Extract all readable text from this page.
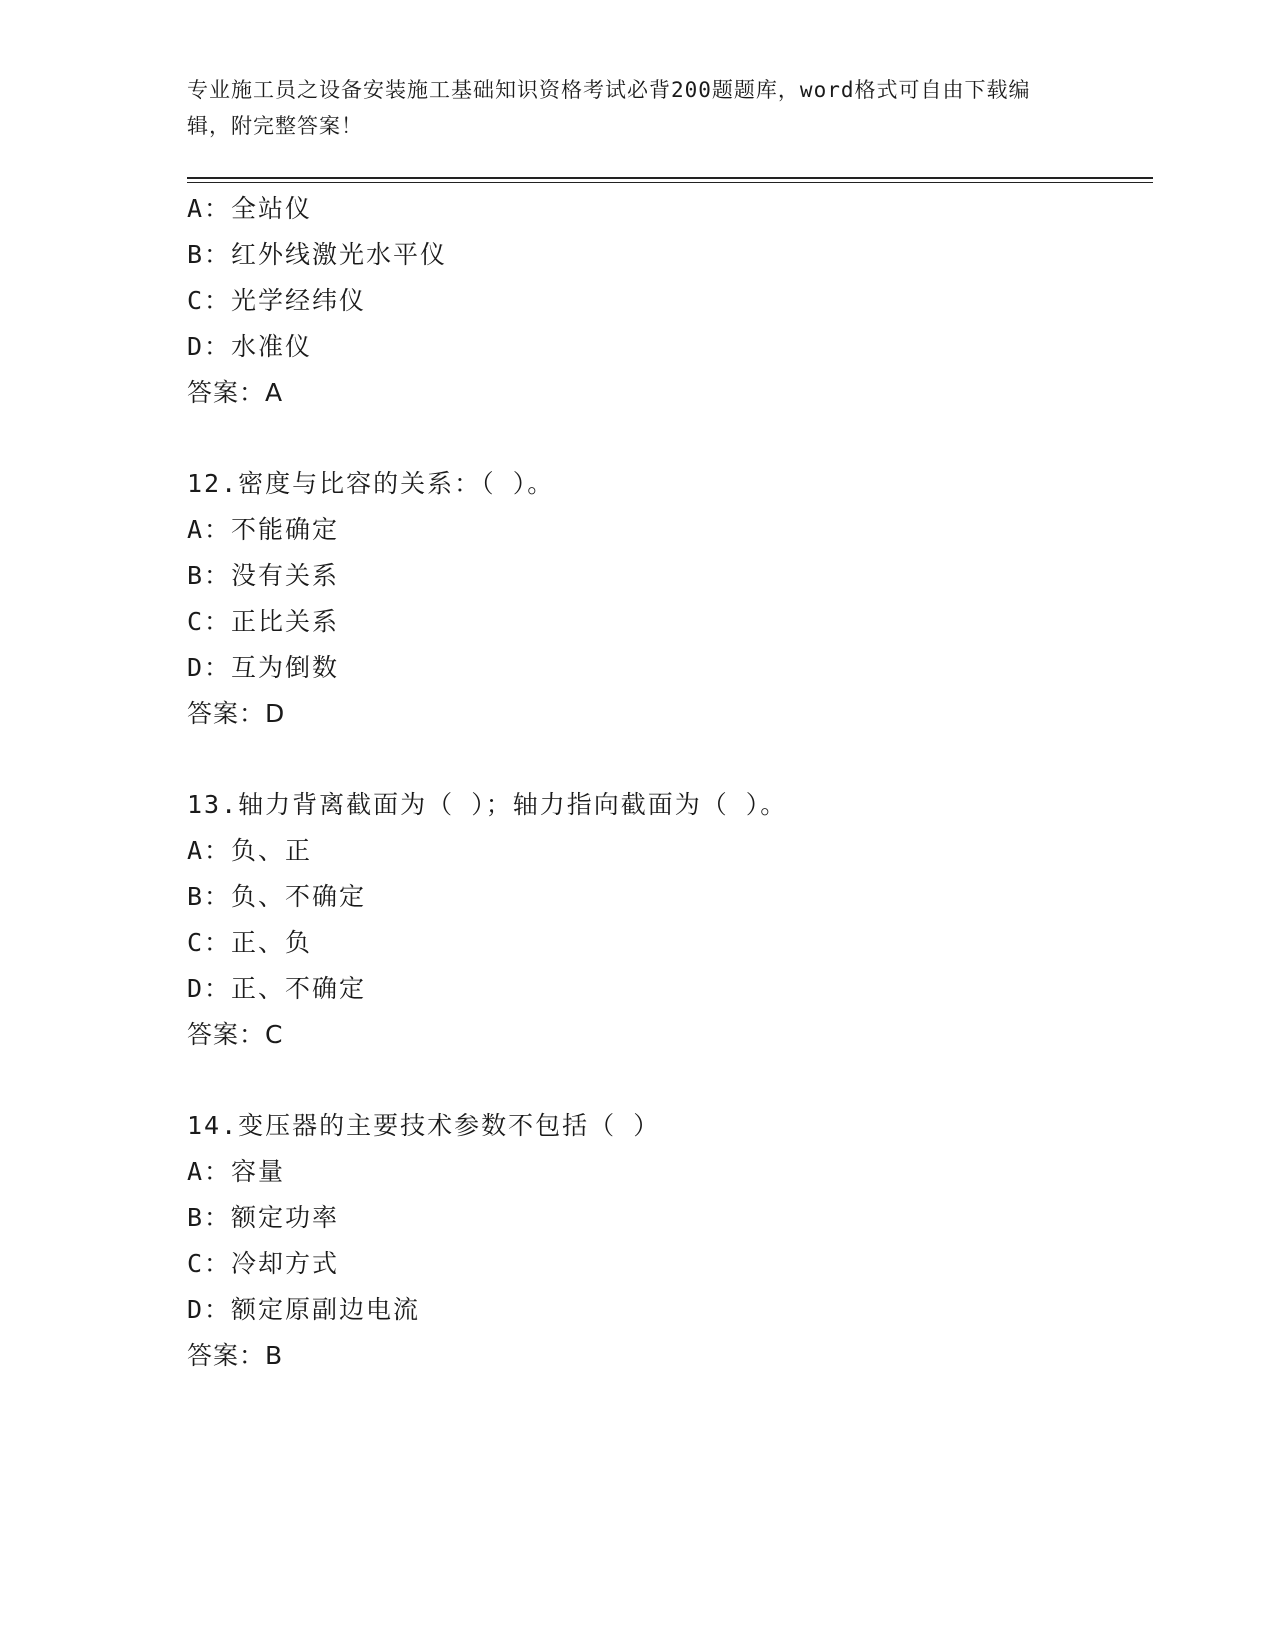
专业施工员之设备安装施工基础知识资格考试必背200题题库，word格式可自由下载编辑，附完整答案！
A：全站仪
B：红外线激光水平仪
C：光学经纬仪
D：水准仪
答案：A
12.密度与比容的关系：（ ）。
A：不能确定
B：没有关系
C：正比关系
D：互为倒数
答案：D
13.轴力背离截面为（ ）；轴力指向截面为（ ）。
A：负、正
B：负、不确定
C：正、负
D：正、不确定
答案：C
14.变压器的主要技术参数不包括（ ）
A：容量
B：额定功率
C：冷却方式
D：额定原副边电流
答案：B
